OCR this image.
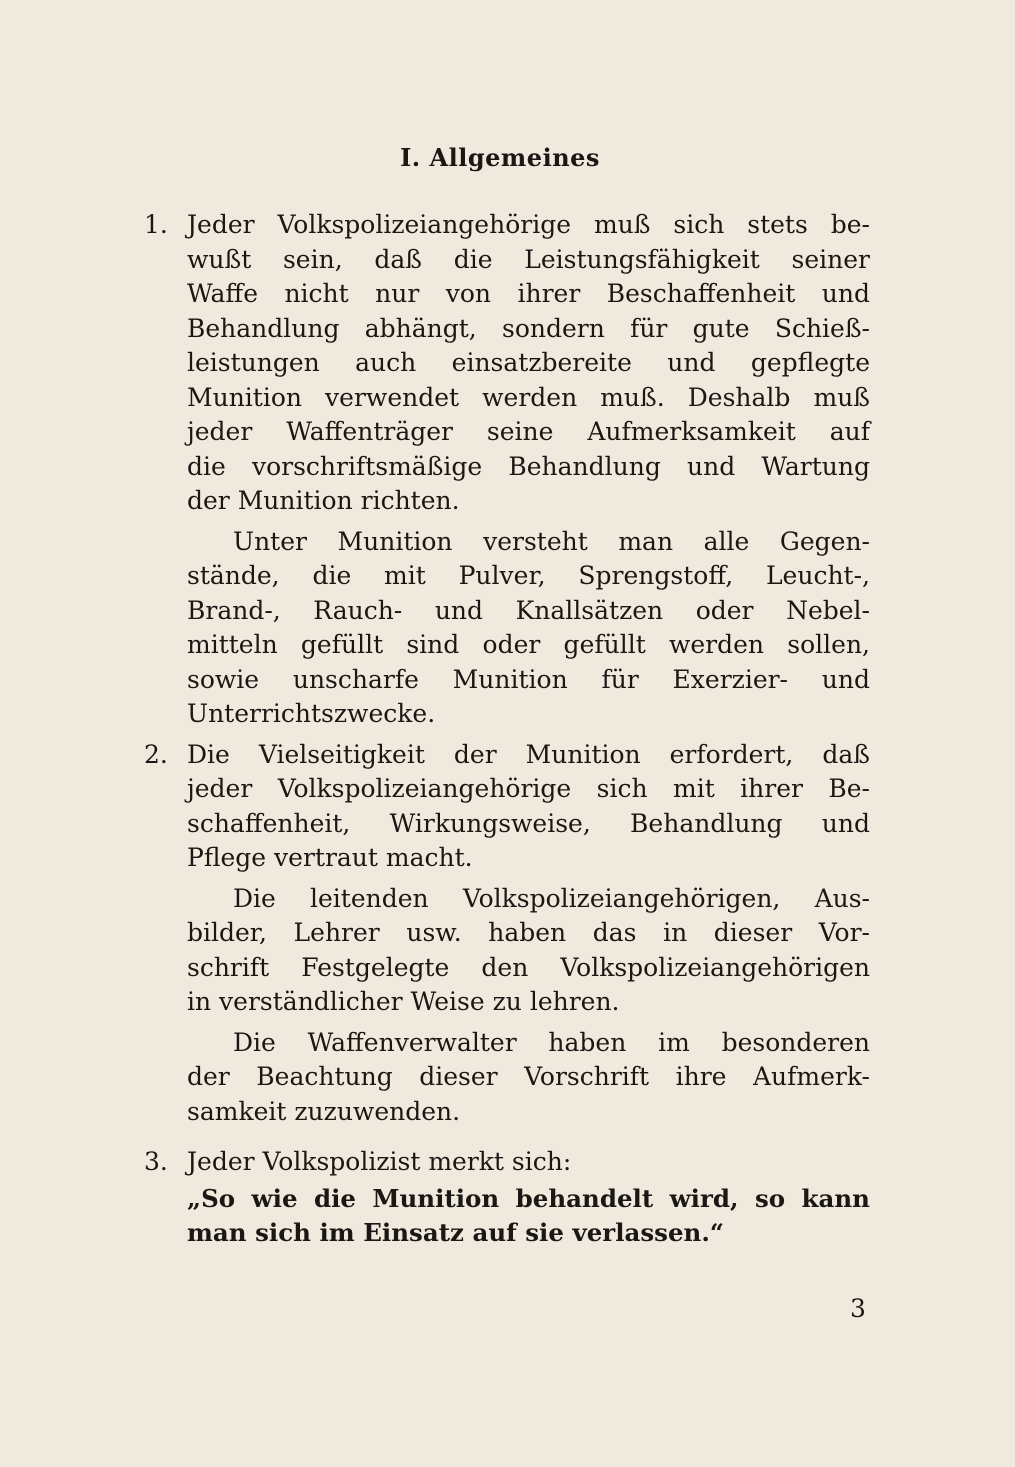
I. Allgemeines
1. Jeder Volkspolizeiangehörige muß sich stets be-
wußt sein, daß die Leistungsfähigkeit seiner
Waffe nicht nur von ihrer Beschaffenheit und
Behandlung abhängt, sondern für gute Schieß-
leistungen auch einsatzbereite und gepflegte
Munition verwendet werden muß. Deshalb muß
jeder Waffenträger seine Aufmerksamkeit auf
die vorschriftsmäßige Behandlung und Wartung
der Munition richten.
Unter Munition versteht man alle Gegen-
stände, die mit Pulver, Sprengstoff, Leucht-,
Brand-, Rauch- und Knallsätzen oder Nebel-
mitteln gefüllt sind oder gefüllt werden sollen,
sowie unscharfe Munition für Exerzier- und
Unterrichtszwecke.
2. Die Vielseitigkeit der Munition erfordert, daß
jeder Volkspolizeiangehörige sich mit ihrer Be-
schaffenheit, Wirkungsweise, Behandlung und
Pflege vertraut macht.
Die leitenden Volkspolizeiangehörigen, Aus-
bilder, Lehrer usw. haben das in dieser Vor-
schrift Festgelegte den Volkspolizeiangehörigen
in verständlicher Weise zu lehren.
Die Waffenverwalter haben im besonderen
der Beachtung dieser Vorschrift ihre Aufmerk-
samkeit zuzuwenden.
3. Jeder Volkspolizist merkt sich:
„So wie die Munition behandelt wird, so kann
man sich im Einsatz auf sie verlassen.“
3
